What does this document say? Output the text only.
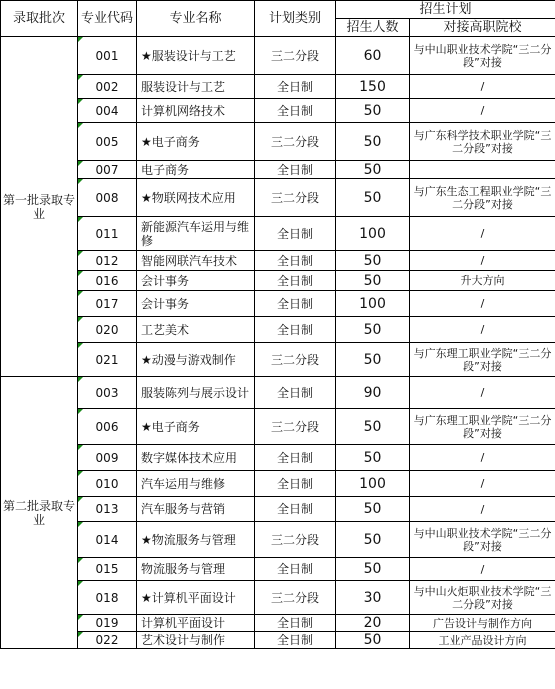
录取批次	专业代码	专业名称	计划类别	招生计划	
				招生人数	对接高职院校
第一批录取专业	001	★服装设计与工艺	三二分段	60	与中山职业技术学院“三二分段”对接
	002	服装设计与工艺	全日制	150	/
	004	计算机网络技术	全日制	50	/
	005	★电子商务	三二分段	50	与广东科学技术职业学院“三二分段”对接
	007	电子商务	全日制	50	
	008	★物联网技术应用	三二分段	50	与广东生态工程职业学院“三二分段”对接
	011	新能源汽车运用与维修	全日制	100	/
	012	智能网联汽车技术	全日制	50	/
	016	会计事务	全日制	50	升大方向
	017	会计事务	全日制	100	/
	020	工艺美术	全日制	50	/
	021	★动漫与游戏制作	三二分段	50	与广东理工职业学院“三二分段”对接
第二批录取专业	003	服装陈列与展示设计	全日制	90	/
	006	★电子商务	三二分段	50	与广东理工职业学院“三二分段”对接
	009	数字媒体技术应用	全日制	50	/
	010	汽车运用与维修	全日制	100	/
	013	汽车服务与营销	全日制	50	/
	014	★物流服务与管理	三二分段	50	与中山职业技术学院“三二分段”对接
	015	物流服务与管理	全日制	50	/
	018	★计算机平面设计	三二分段	30	与中山火炬职业技术学院“三二分段”对接
	019	计算机平面设计	全日制	20	广告设计与制作方向
	022	艺术设计与制作	全日制	50	工业产品设计方向
